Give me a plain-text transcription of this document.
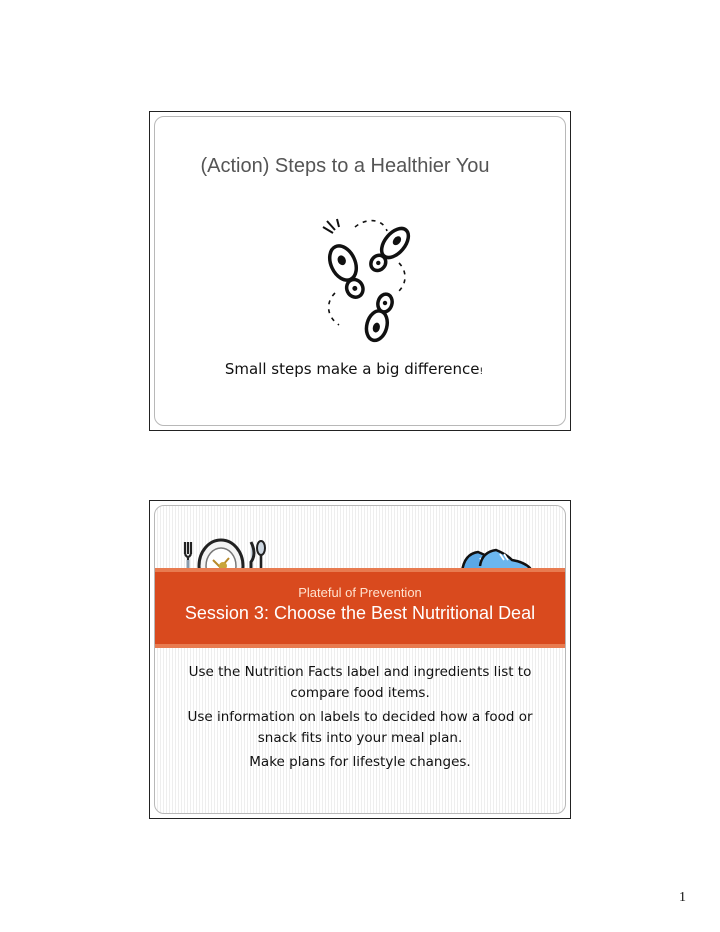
(Action) Steps to a Healthier You
Small steps make a big difference!
Plateful of Prevention
Session 3: Choose the Best Nutritional Deal
Use the Nutrition Facts label and ingredients list to compare food items.
Use information on labels to decided how a food or snack fits into your meal plan.
Make plans for lifestyle changes.
1
